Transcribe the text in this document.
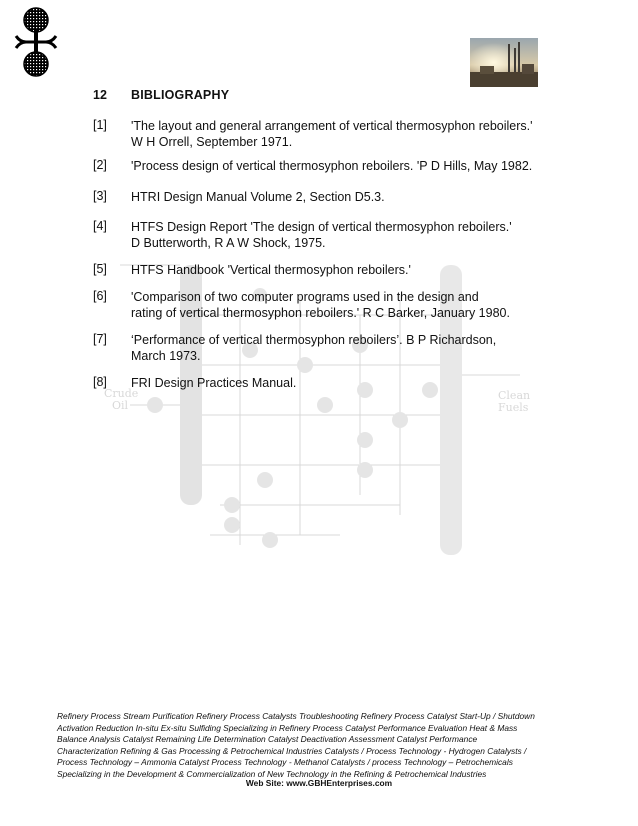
Crude
Oil
Clean
Fuels
12 BIBLIOGRAPHY
[1] 'The layout and general arrangement of vertical thermosyphon reboilers.'
W H Orrell, September 1971.
[2] 'Process design of vertical thermosyphon reboilers. 'P D Hills, May 1982.
[3] HTRI Design Manual Volume 2, Section D5.3.
[4] HTFS Design Report 'The design of vertical thermosyphon reboilers.'
D Butterworth, R A W Shock, 1975.
[5] HTFS Handbook 'Vertical thermosyphon reboilers.'
[6] 'Comparison of two computer programs used in the design and
rating of vertical thermosyphon reboilers.' R C Barker, January 1980.
[7] ‘Performance of vertical thermosyphon reboilers’. B P Richardson,
March 1973.
[8] FRI Design Practices Manual.
Refinery Process Stream Purification Refinery Process Catalysts Troubleshooting Refinery Process Catalyst Start-Up / Shutdown
Activation Reduction In-situ Ex-situ Sulfiding Specializing in Refinery Process Catalyst Performance Evaluation Heat & Mass
Balance Analysis Catalyst Remaining Life Determination Catalyst Deactivation Assessment Catalyst Performance
Characterization Refining & Gas Processing & Petrochemical Industries Catalysts / Process Technology - Hydrogen Catalysts /
Process Technology – Ammonia Catalyst Process Technology - Methanol Catalysts / process Technology – Petrochemicals
Specializing in the Development & Commercialization of New Technology in the Refining & Petrochemical Industries
Web Site: www.GBHEnterprises.com
